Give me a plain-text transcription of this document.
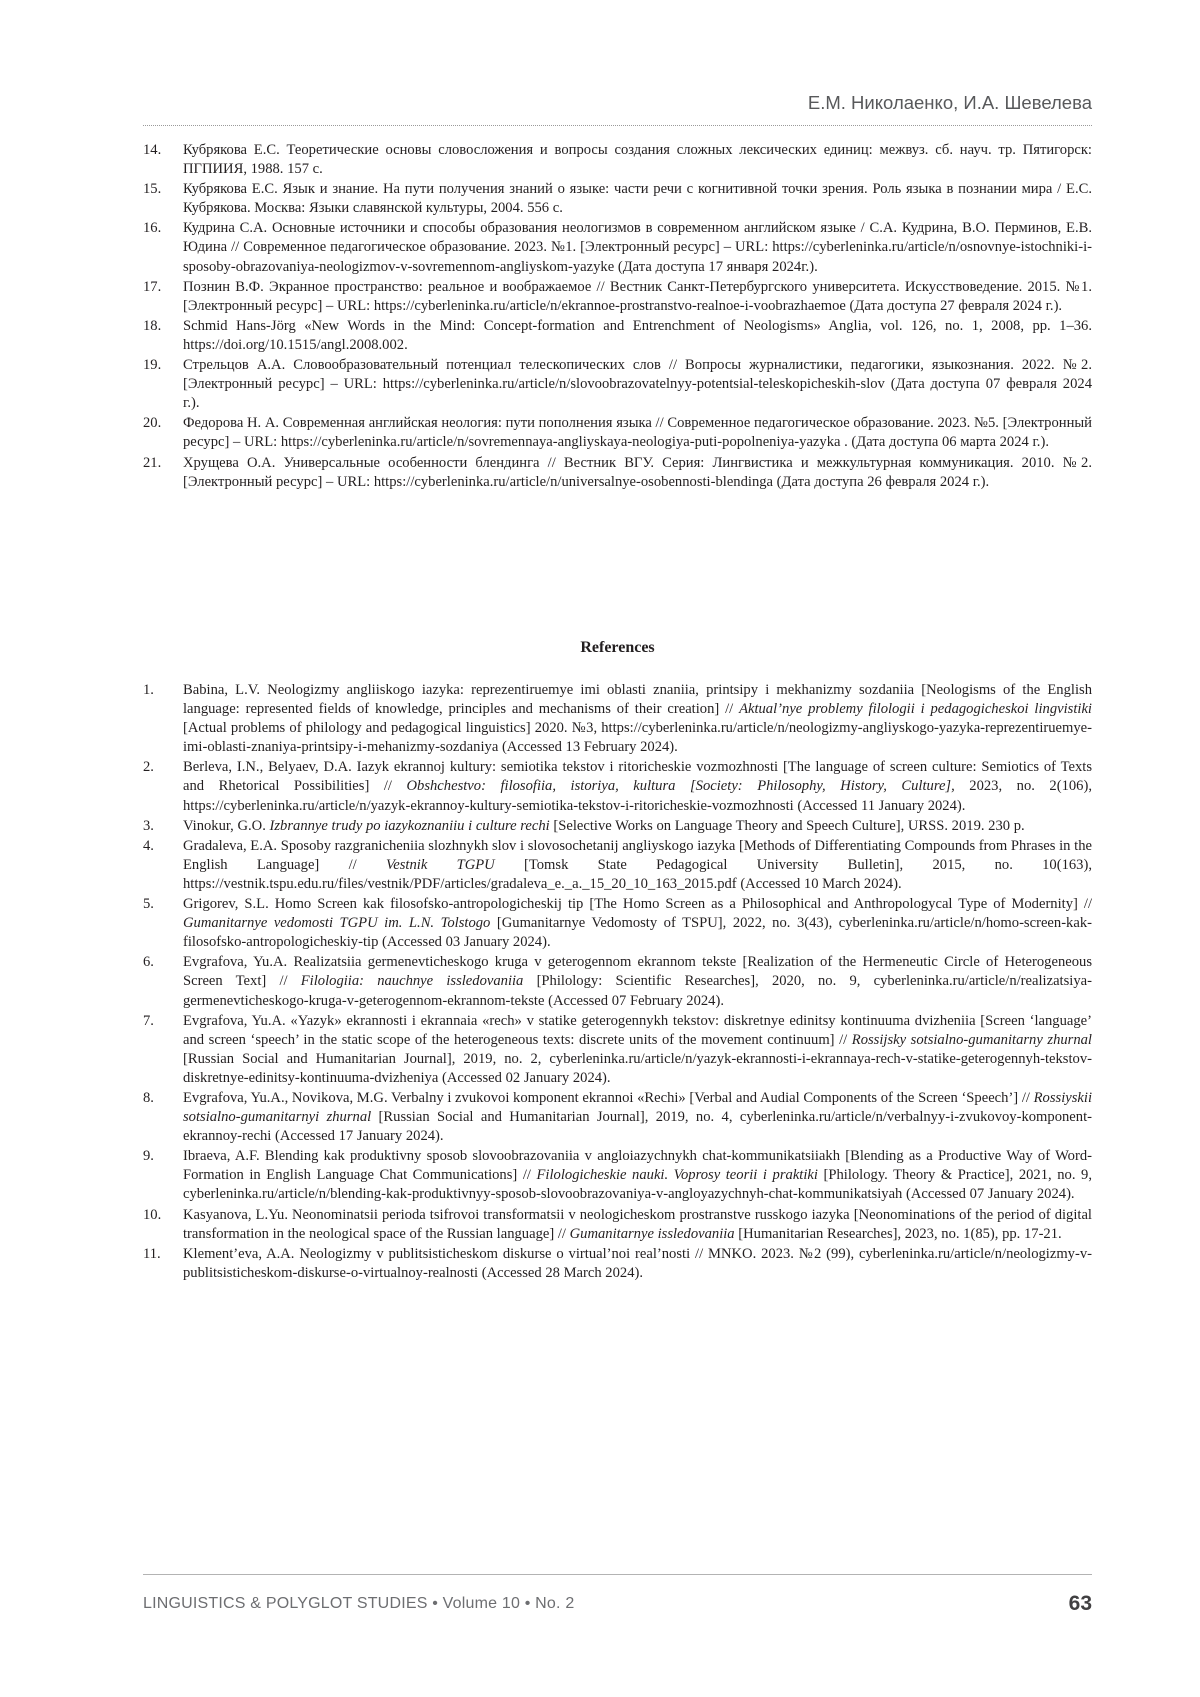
Е.М. Николаенко, И.А. Шевелева
14.	Кубрякова Е.С. Теоретические основы словосложения и вопросы создания сложных лексических единиц: межвуз. сб. науч. тр. Пятигорск: ПГПИИЯ, 1988. 157 с.
15.	Кубрякова Е.С. Язык и знание. На пути получения знаний о языке: части речи с когнитивной точки зрения. Роль языка в познании мира / Е.С. Кубрякова. Москва: Языки славянской культуры, 2004. 556 с.
16.	Кудрина С.А. Основные источники и способы образования неологизмов в современном английском языке / С.А. Кудрина, В.О. Перминов, Е.В. Юдина // Современное педагогическое образование. 2023. №1. [Электронный ресурс] – URL: https://cyberleninka.ru/article/n/osnovnye-istochniki-i-sposoby-obrazovaniya-neologizmov-v-sovremennom-angliyskom-yazyke (Дата доступа 17 января 2024г.).
17.	Познин В.Ф. Экранное пространство: реальное и воображаемое // Вестник Санкт-Петербургского университета. Искусствоведение. 2015. №1. [Электронный ресурс] – URL: https://cyberleninka.ru/article/n/ekrannoe-prostranstvo-realnoe-i-voobrazhaemoe (Дата доступа 27 февраля 2024 г.).
18.	Schmid Hans-Jörg «New Words in the Mind: Concept-formation and Entrenchment of Neologisms» Anglia, vol. 126, no. 1, 2008, pp. 1–36. https://doi.org/10.1515/angl.2008.002.
19.	Стрельцов А.А. Словообразовательный потенциал телескопических слов // Вопросы журналистики, педагогики, языкознания. 2022. №2. [Электронный ресурс] – URL: https://cyberleninka.ru/article/n/slovoobrazovatelnyy-potentsial-teleskopicheskih-slov (Дата доступа 07 февраля 2024 г.).
20.	Федорова Н. А. Современная английская неология: пути пополнения языка // Современное педагогическое образование. 2023. №5. [Электронный ресурс] – URL: https://cyberleninka.ru/article/n/sovremennaya-angliyskaya-neologiya-puti-popolneniya-yazyka . (Дата доступа 06 марта 2024 г.).
21.	Хрущева О.А. Универсальные особенности блендинга // Вестник ВГУ. Серия: Лингвистика и межкультурная коммуникация. 2010. №2. [Электронный ресурс] – URL: https://cyberleninka.ru/article/n/universalnye-osobennosti-blendinga (Дата доступа 26 февраля 2024 г.).
References
1.	Babina, L.V. Neologizmy angliiskogo iazyka: reprezentiruemye imi oblasti znaniia, printsipy i mekhanizmy sozdaniia [Neologisms of the English language: represented fields of knowledge, principles and mechanisms of their creation] // Aktual’nye problemy filologii i pedagogicheskoi lingvistiki [Actual problems of philology and pedagogical linguistics] 2020. №3, https://cyberleninka.ru/article/n/neologizmy-angliyskogo-yazyka-reprezentiruemye-imi-oblasti-znaniya-printsipy-i-mehanizmy-sozdaniya (Accessed 13 February 2024).
2.	Berleva, I.N., Belyaev, D.A. Iazyk ekrannoj kultury: semiotika tekstov i ritoricheskie vozmozhnosti [The language of screen culture: Semiotics of Texts and Rhetorical Possibilities] // Obshchestvo: filosofiia, istoriya, kultura [Society: Philosophy, History, Culture], 2023, no. 2(106), https://cyberleninka.ru/article/n/yazyk-ekrannoy-kultury-semiotika-tekstov-i-ritoricheskie-vozmozhnosti (Accessed 11 January 2024).
3.	Vinokur, G.O. Izbrannye trudy po iazykoznaniiu i culture rechi [Selective Works on Language Theory and Speech Culture], URSS. 2019. 230 p.
4.	Gradaleva, E.A. Sposoby razgranicheniia slozhnykh slov i slovosochetanij angliyskogo iazyka [Methods of Differentiating Compounds from Phrases in the English Language] // Vestnik TGPU [Tomsk State Pedagogical University Bulletin], 2015, no. 10(163), https://vestnik.tspu.edu.ru/files/vestnik/PDF/articles/gradaleva_e._a._15_20_10_163_2015.pdf (Accessed 10 March 2024).
5.	Grigorev, S.L. Homo Screen kak filosofsko-antropologicheskij tip [The Homo Screen as a Philosophical and Anthropologycal Type of Modernity] // Gumanitarnye vedomosti TGPU im. L.N. Tolstogo [Gumanitarnye Vedomosty of TSPU], 2022, no. 3(43), cyberleninka.ru/article/n/homo-screen-kak-filosofsko-antropologicheskiy-tip (Accessed 03 January 2024).
6.	Evgrafova, Yu.A. Realizatsiia germenevticheskogo kruga v geterogennom ekrannom tekste [Realization of the Hermeneutic Circle of Heterogeneous Screen Text] // Filologiia: nauchnye issledovaniia [Philology: Scientific Researches], 2020, no. 9, cyberleninka.ru/article/n/realizatsiya-germenevticheskogo-kruga-v-geterogennom-ekrannom-tekste (Accessed 07 February 2024).
7.	Evgrafova, Yu.A. «Yazyk» ekrannosti i ekrannaia «rech» v statike geterogennykh tekstov: diskretnye edinitsy kontinuuma dvizheniia [Screen ‘language’ and screen ‘speech’ in the static scope of the heterogeneous texts: discrete units of the movement continuum] // Rossijsky sotsialno-gumanitarny zhurnal [Russian Social and Humanitarian Journal], 2019, no. 2, cyberleninka.ru/article/n/yazyk-ekrannosti-i-ekrannaya-rech-v-statike-geterogennyh-tekstov-diskretnye-edinitsy-kontinuuma-dvizheniya (Accessed 02 January 2024).
8.	Evgrafova, Yu.A., Novikova, M.G. Verbalny i zvukovoi komponent ekrannoi «Rechi» [Verbal and Audial Components of the Screen ‘Speech’] // Rossiyskii sotsialno-gumanitarnyi zhurnal [Russian Social and Humanitarian Journal], 2019, no. 4, cyberleninka.ru/article/n/verbalnyy-i-zvukovoy-komponent-ekrannoy-rechi (Accessed 17 January 2024).
9.	Ibraeva, A.F. Blending kak produktivny sposob slovoobrazovaniia v angloiazychnykh chat-kommunikatsiiakh [Blending as a Productive Way of Word-Formation in English Language Chat Communications] // Filologicheskie nauki. Voprosy teorii i praktiki [Philology. Theory & Practice], 2021, no. 9, cyberleninka.ru/article/n/blending-kak-produktivnyy-sposob-slovoobrazovaniya-v-angloyazychnyh-chat-kommunikatsiyah (Accessed 07 January 2024).
10.	Kasyanova, L.Yu. Neonominatsii perioda tsifrovoi transformatsii v neologicheskom prostranstve russkogo iazyka [Neonominations of the period of digital transformation in the neological space of the Russian language] // Gumanitarnye issledovaniia [Humanitarian Researches], 2023, no. 1(85), pp. 17-21.
11.	Klement’eva, A.A. Neologizmy v publitsisticheskom diskurse o virtual’noi real’nosti // MNKO. 2023. №2 (99), cyberleninka.ru/article/n/neologizmy-v-publitsisticheskom-diskurse-o-virtualnoy-realnosti (Accessed 28 March 2024).
LINGUISTICS & POLYGLOT STUDIES • Volume 10 • No. 2	63
